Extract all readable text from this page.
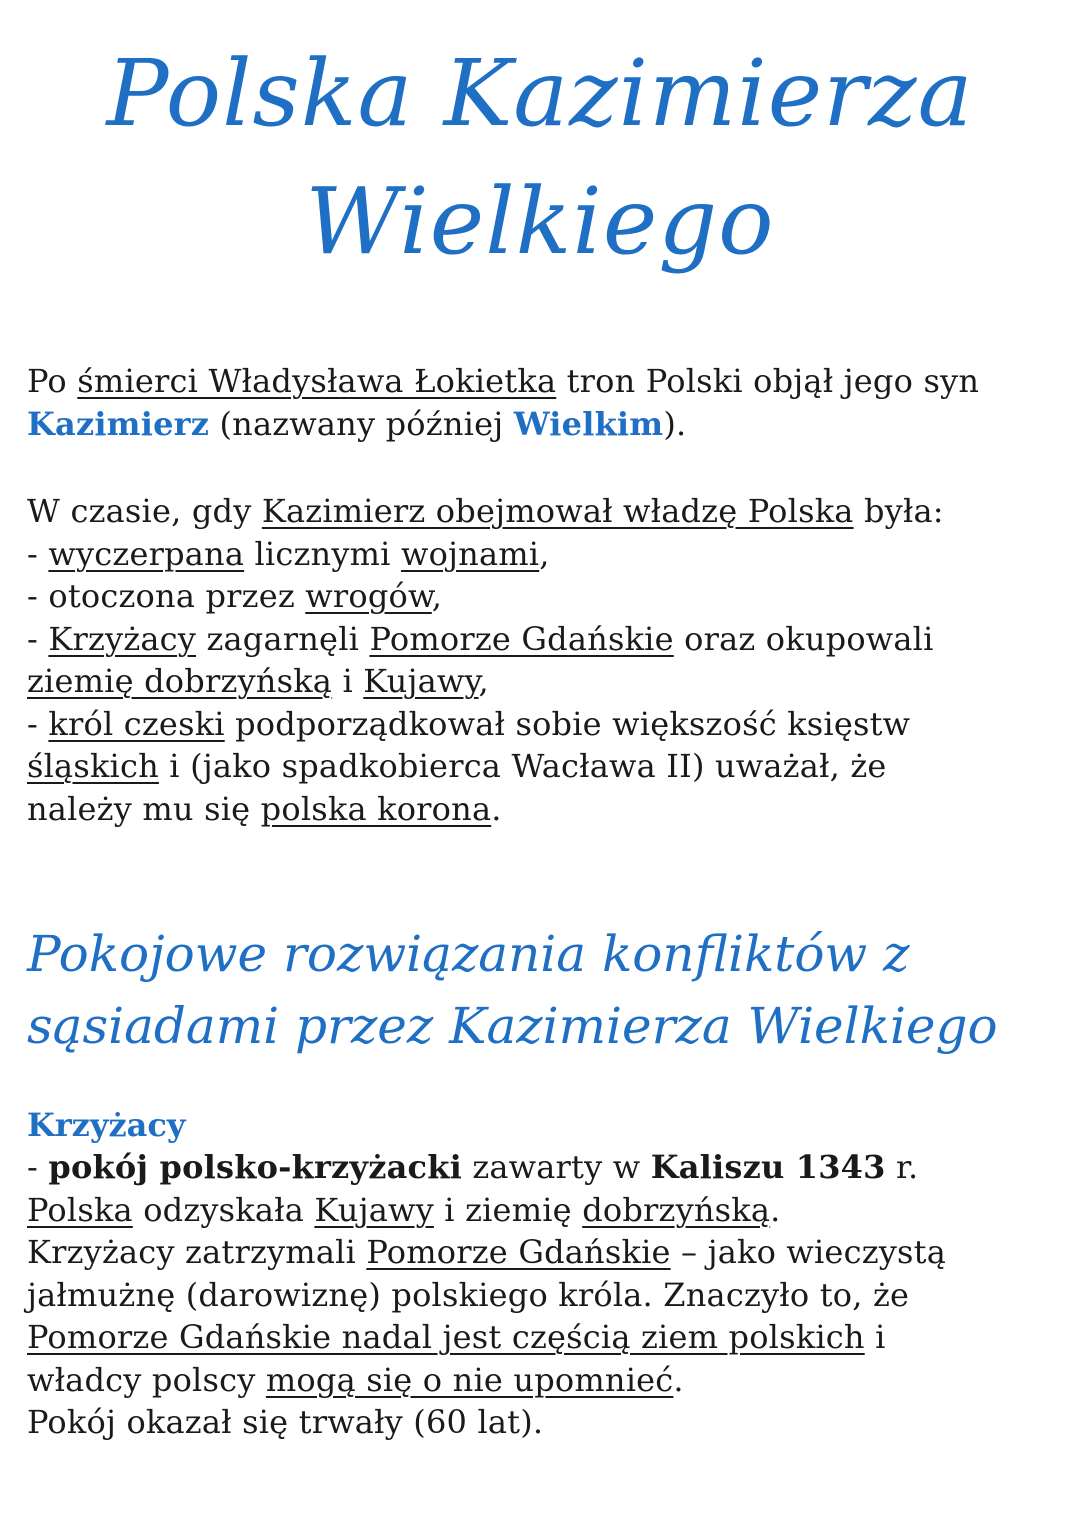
Polska Kazimierza
Wielkiego

Po śmierci Władysława Łokietka tron Polski objął jego syn
Kazimierz (nazwany później Wielkim).

W czasie, gdy Kazimierz obejmował władzę Polska była:
- wyczerpana licznymi wojnami,
- otoczona przez wrogów,
- Krzyżacy zagarnęli Pomorze Gdańskie oraz okupowali
ziemię dobrzyńską i Kujawy,
- król czeski podporządkował sobie większość księstw
śląskich i (jako spadkobierca Wacława II) uważał, że
należy mu się polska korona.

Pokojowe rozwiązania konfliktów z
sąsiadami przez Kazimierza Wielkiego
Krzyżacy

- pokój polsko-krzyżacki zawarty w Kaliszu 1343 r.
Polska odzyskała Kujawy i ziemię dobrzyńską.
Krzyżacy zatrzymali Pomorze Gdańskie – jako wieczystą
jałmużnę (darowiznę) polskiego króla. Znaczyło to, że
Pomorze Gdańskie nadal jest częścią ziem polskich i
władcy polscy mogą się o nie upomnieć.
Pokój okazał się trwały (60 lat).
